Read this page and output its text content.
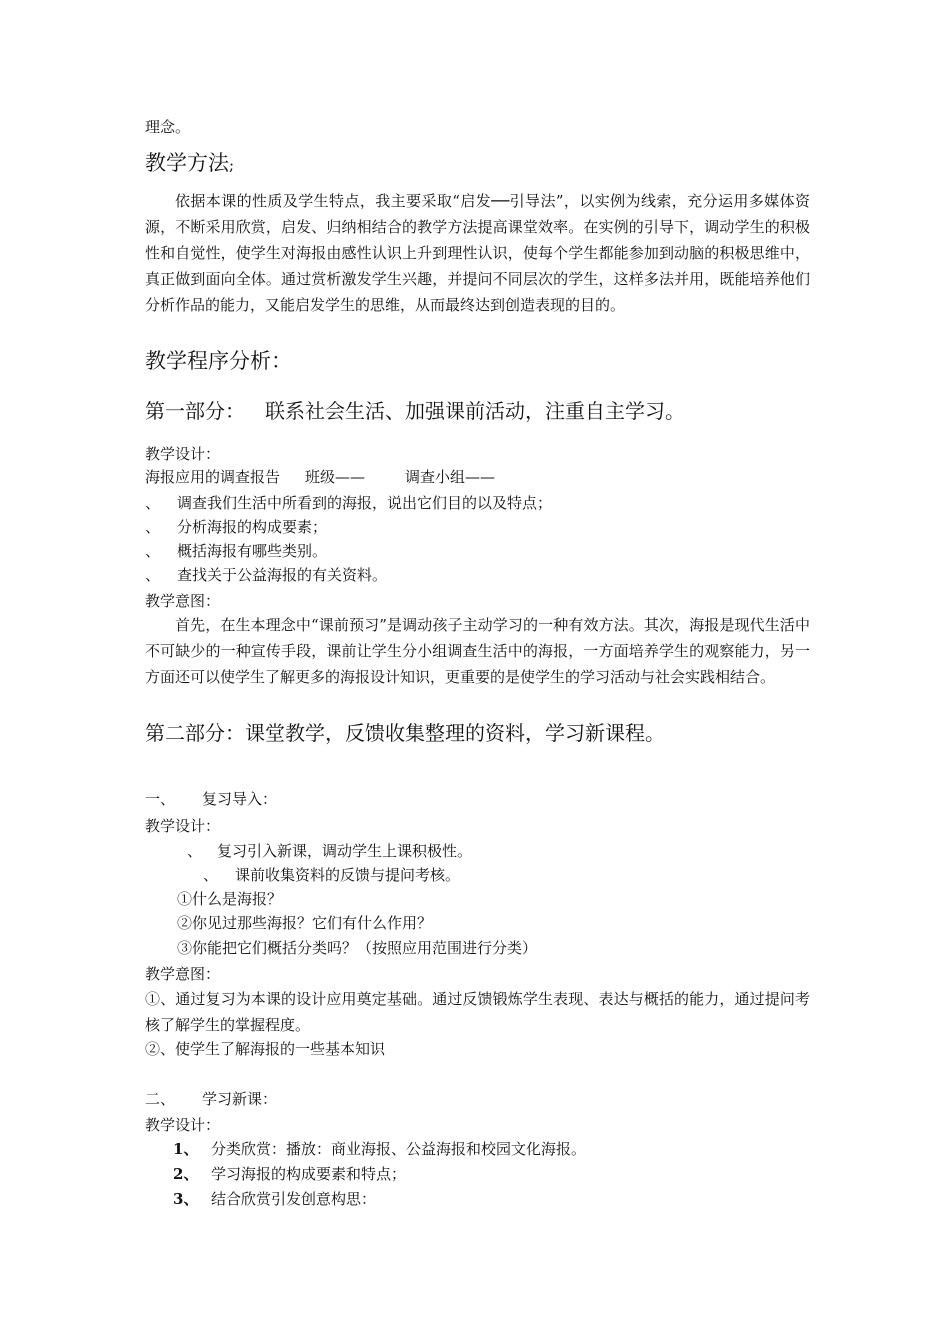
理念。
教学方法;
依据本课的性质及学生特点，我主要采取“启发──引导法”，以实例为线索，充分运用多媒体资源，不断采用欣赏，启发、归纳相结合的教学方法提高课堂效率。在实例的引导下，调动学生的积极性和自觉性，使学生对海报由感性认识上升到理性认识，使每个学生都能参加到动脑的积极思维中，真正做到面向全体。通过赏析激发学生兴趣，并提问不同层次的学生，这样多法并用，既能培养他们分析作品的能力，又能启发学生的思维，从而最终达到创造表现的目的。
教学程序分析：
第一部分： 联系社会生活、加强课前活动，注重自主学习。
教学设计：
海报应用的调查报告 班级——	调查小组——
、 调查我们生活中所看到的海报，说出它们目的以及特点；
、 分析海报的构成要素；
、 概括海报有哪些类别。
、 查找关于公益海报的有关资料。
教学意图：
首先，在生本理念中“课前预习”是调动孩子主动学习的一种有效方法。其次，海报是现代生活中不可缺少的一种宣传手段，课前让学生分小组调查生活中的海报，一方面培养学生的观察能力，另一方面还可以使学生了解更多的海报设计知识，更重要的是使学生的学习活动与社会实践相结合。
第二部分：课堂教学，反馈收集整理的资料，学习新课程。
一、 复习导入：
教学设计：
、 复习引入新课，调动学生上课积极性。
、 课前收集资料的反馈与提问考核。
①什么是海报？
②你见过那些海报？它们有什么作用？
③你能把它们概括分类吗？（按照应用范围进行分类）
教学意图：
①、通过复习为本课的设计应用奠定基础。通过反馈锻炼学生表现、表达与概括的能力，通过提问考核了解学生的掌握程度。
②、使学生了解海报的一些基本知识
二、 学习新课：
教学设计：
1、 分类欣赏：播放：商业海报、公益海报和校园文化海报。
2、 学习海报的构成要素和特点；
3、 结合欣赏引发创意构思：
